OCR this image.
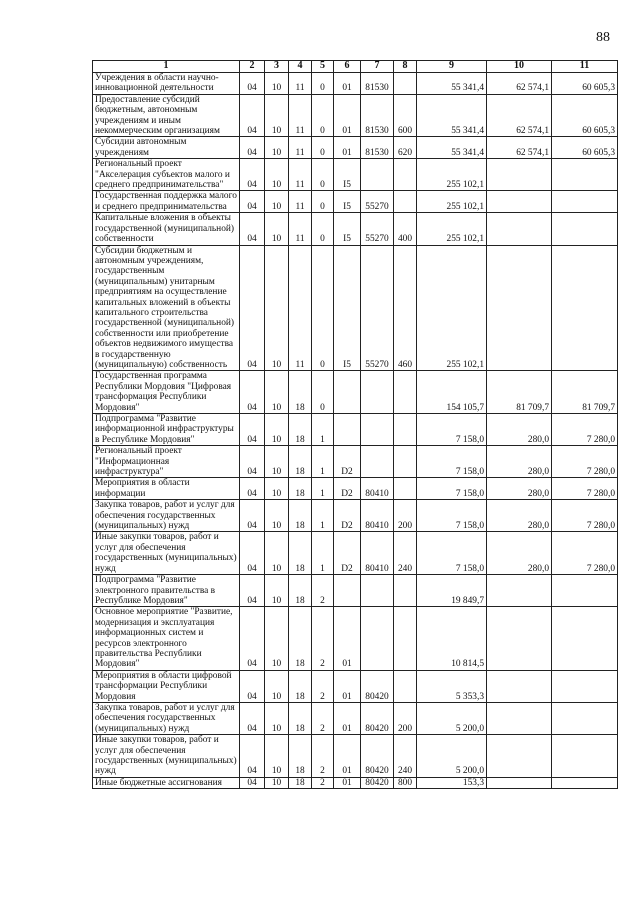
88
1	2	3	4	5	6	7	8	9	10	11
Учреждения в области научно-инновационной деятельности	04	10	11	0	01	81530		55 341,4	62 574,1	60 605,3
Предоставление субсидий бюджетным, автономным учреждениям и иным некоммерческим организациям	04	10	11	0	01	81530	600	55 341,4	62 574,1	60 605,3
Субсидии автономным учреждениям	04	10	11	0	01	81530	620	55 341,4	62 574,1	60 605,3
Региональный проект "Акселерация субъектов малого и среднего предпринимательства"	04	10	11	0	I5			255 102,1		
Государственная поддержка малого и среднего предпринимательства	04	10	11	0	I5	55270		255 102,1		
Капитальные вложения в объекты государственной (муниципальной) собственности	04	10	11	0	I5	55270	400	255 102,1		
Субсидии бюджетным и автономным учреждениям, государственным (муниципальным) унитарным предприятиям на осуществление капитальных вложений в объекты капитального строительства государственной (муниципальной) собственности или приобретение объектов недвижимого имущества в государственную (муниципальную) собственность	04	10	11	0	I5	55270	460	255 102,1		
Государственная программа Республики Мордовия "Цифровая трансформация Республики Мордовия"	04	10	18	0				154 105,7	81 709,7	81 709,7
Подпрограмма "Развитие информационной инфраструктуры в Республике Мордовия"	04	10	18	1				7 158,0	280,0	7 280,0
Региональный проект "Информационная инфраструктура"	04	10	18	1	D2			7 158,0	280,0	7 280,0
Мероприятия в области информации	04	10	18	1	D2	80410		7 158,0	280,0	7 280,0
Закупка товаров, работ и услуг для обеспечения государственных (муниципальных) нужд	04	10	18	1	D2	80410	200	7 158,0	280,0	7 280,0
Иные закупки товаров, работ и услуг для обеспечения государственных (муниципальных) нужд	04	10	18	1	D2	80410	240	7 158,0	280,0	7 280,0
Подпрограмма "Развитие электронного правительства в Республике Мордовия"	04	10	18	2				19 849,7		
Основное мероприятие "Развитие, модернизация и эксплуатация информационных систем и ресурсов электронного правительства Республики Мордовия"	04	10	18	2	01			10 814,5		
Мероприятия в области цифровой трансформации Республики Мордовия	04	10	18	2	01	80420		5 353,3		
Закупка товаров, работ и услуг для обеспечения государственных (муниципальных) нужд	04	10	18	2	01	80420	200	5 200,0		
Иные закупки товаров, работ и услуг для обеспечения государственных (муниципальных) нужд	04	10	18	2	01	80420	240	5 200,0		
Иные бюджетные ассигнования	04	10	18	2	01	80420	800	153,3		
